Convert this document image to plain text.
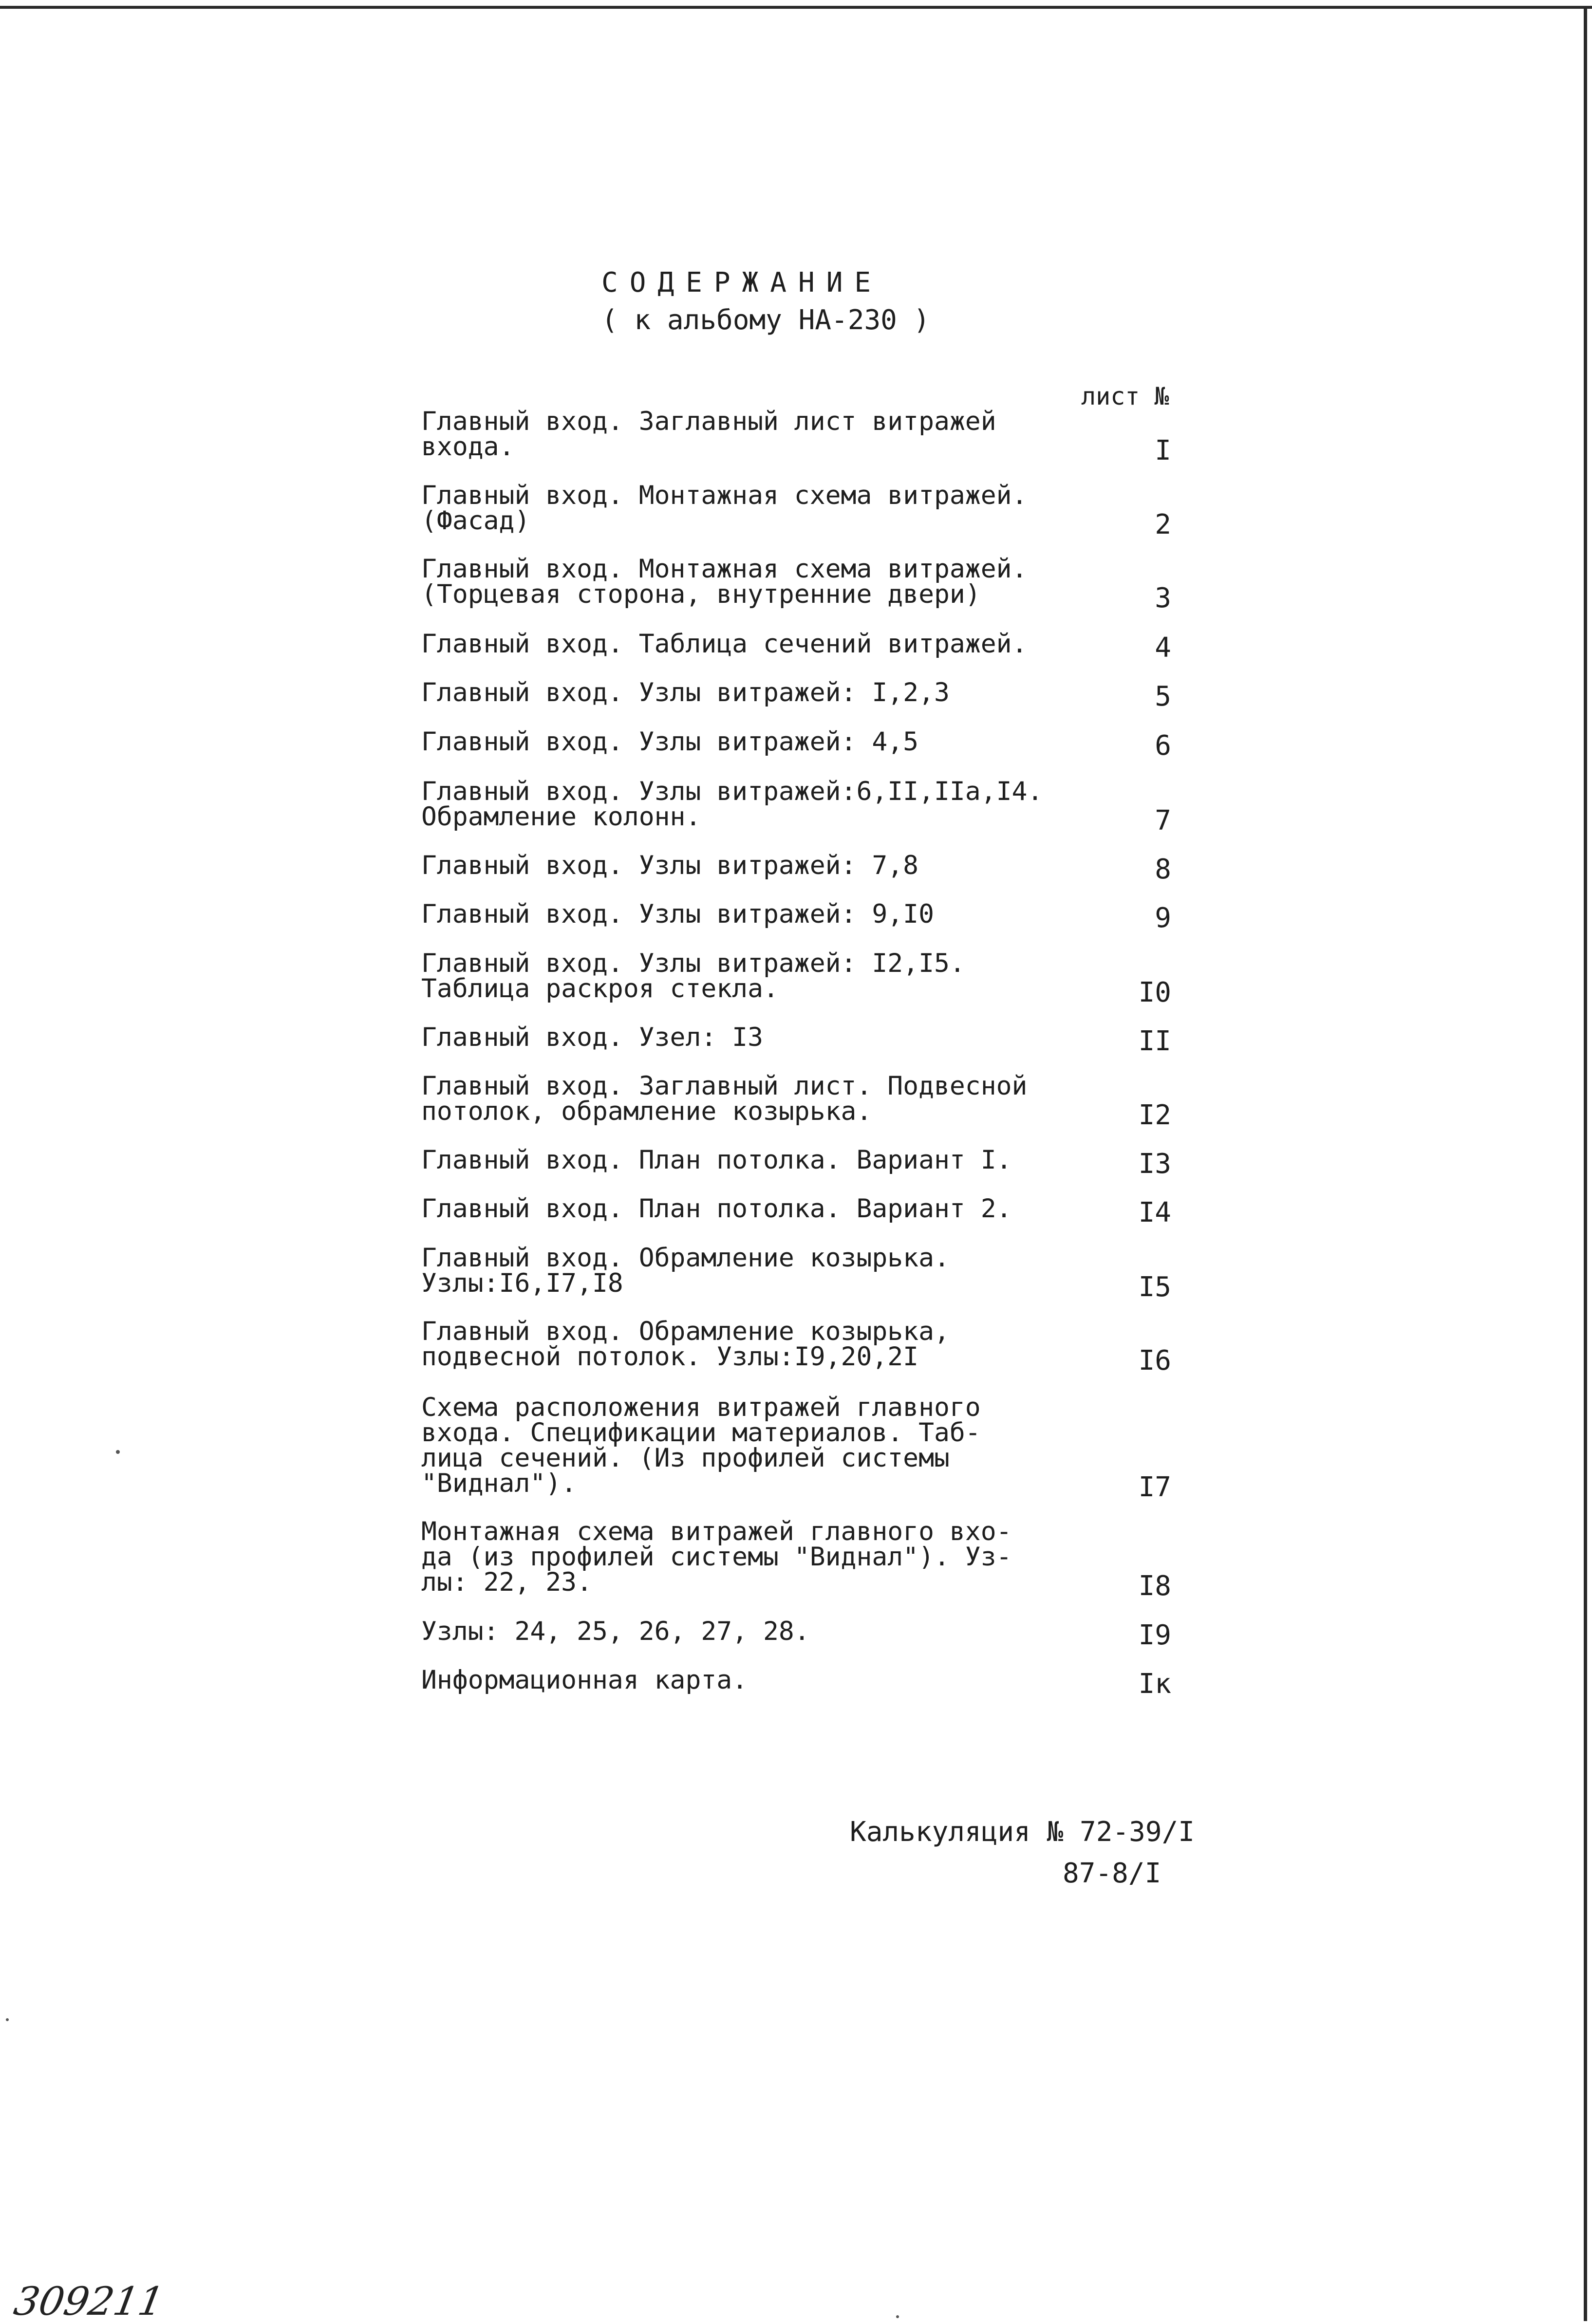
СОДЕРЖАНИЕ
( к альбому НА-230 )
лист №
Главный вход. Заглавный лист витражей
входа.	I
Главный вход. Монтажная схема витражей.
(Фасад)	2
Главный вход. Монтажная схема витражей.
(Торцевая сторона, внутренние двери)	3
Главный вход. Таблица сечений витражей.	4
Главный вход. Узлы витражей: I,2,3	5
Главный вход. Узлы витражей: 4,5	6
Главный вход. Узлы витражей:6,II,IIа,I4.
Обрамление колонн.	7
Главный вход. Узлы витражей: 7,8	8
Главный вход. Узлы витражей: 9,I0	9
Главный вход. Узлы витражей: I2,I5.
Таблица раскроя стекла.	I0
Главный вход. Узел: I3	II
Главный вход. Заглавный лист. Подвесной
потолок, обрамление козырька.	I2
Главный вход. План потолка. Вариант I.	I3
Главный вход. План потолка. Вариант 2.	I4
Главный вход. Обрамление козырька.
Узлы:I6,I7,I8	I5
Главный вход. Обрамление козырька,
подвесной потолок. Узлы:I9,20,2I	I6
Схема расположения витражей главного
входа. Спецификации материалов. Таб-
лица сечений. (Из профилей системы
"Виднал").	I7
Монтажная схема витражей главного вхо-
да (из профилей системы "Виднал"). Уз-
лы: 22, 23.	I8
Узлы: 24, 25, 26, 27, 28.	I9
Информационная карта.	Iк
Калькуляция № 72-39/I
87-8/I
309211
